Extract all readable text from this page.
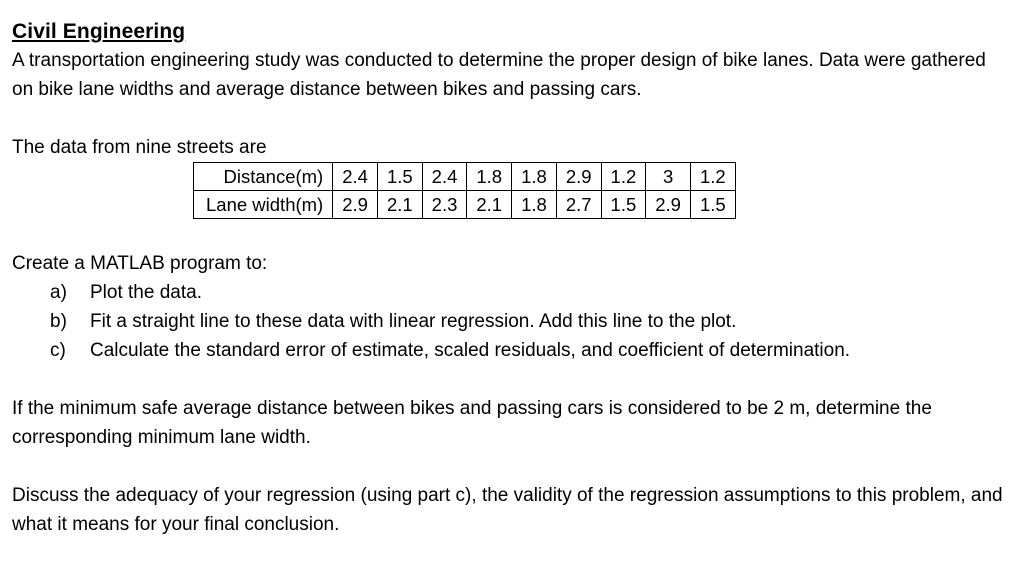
Civil Engineering

A transportation engineering study was conducted to determine the proper design of bike lanes. Data were gathered on bike lane widths and average distance between bikes and passing cars.

The data from nine streets are

Distance(m)	2.4	1.5	2.4	1.8	1.8	2.9	1.2	3	1.2
Lane width(m)	2.9	2.1	2.3	2.1	1.8	2.7	1.5	2.9	1.5

Create a MATLAB program to:

a)	Plot the data.
b)	Fit a straight line to these data with linear regression. Add this line to the plot.
c)	Calculate the standard error of estimate, scaled residuals, and coefficient of determination.

If the minimum safe average distance between bikes and passing cars is considered to be 2 m, determine the corresponding minimum lane width.

Discuss the adequacy of your regression (using part c), the validity of the regression assumptions to this problem, and what it means for your final conclusion.
